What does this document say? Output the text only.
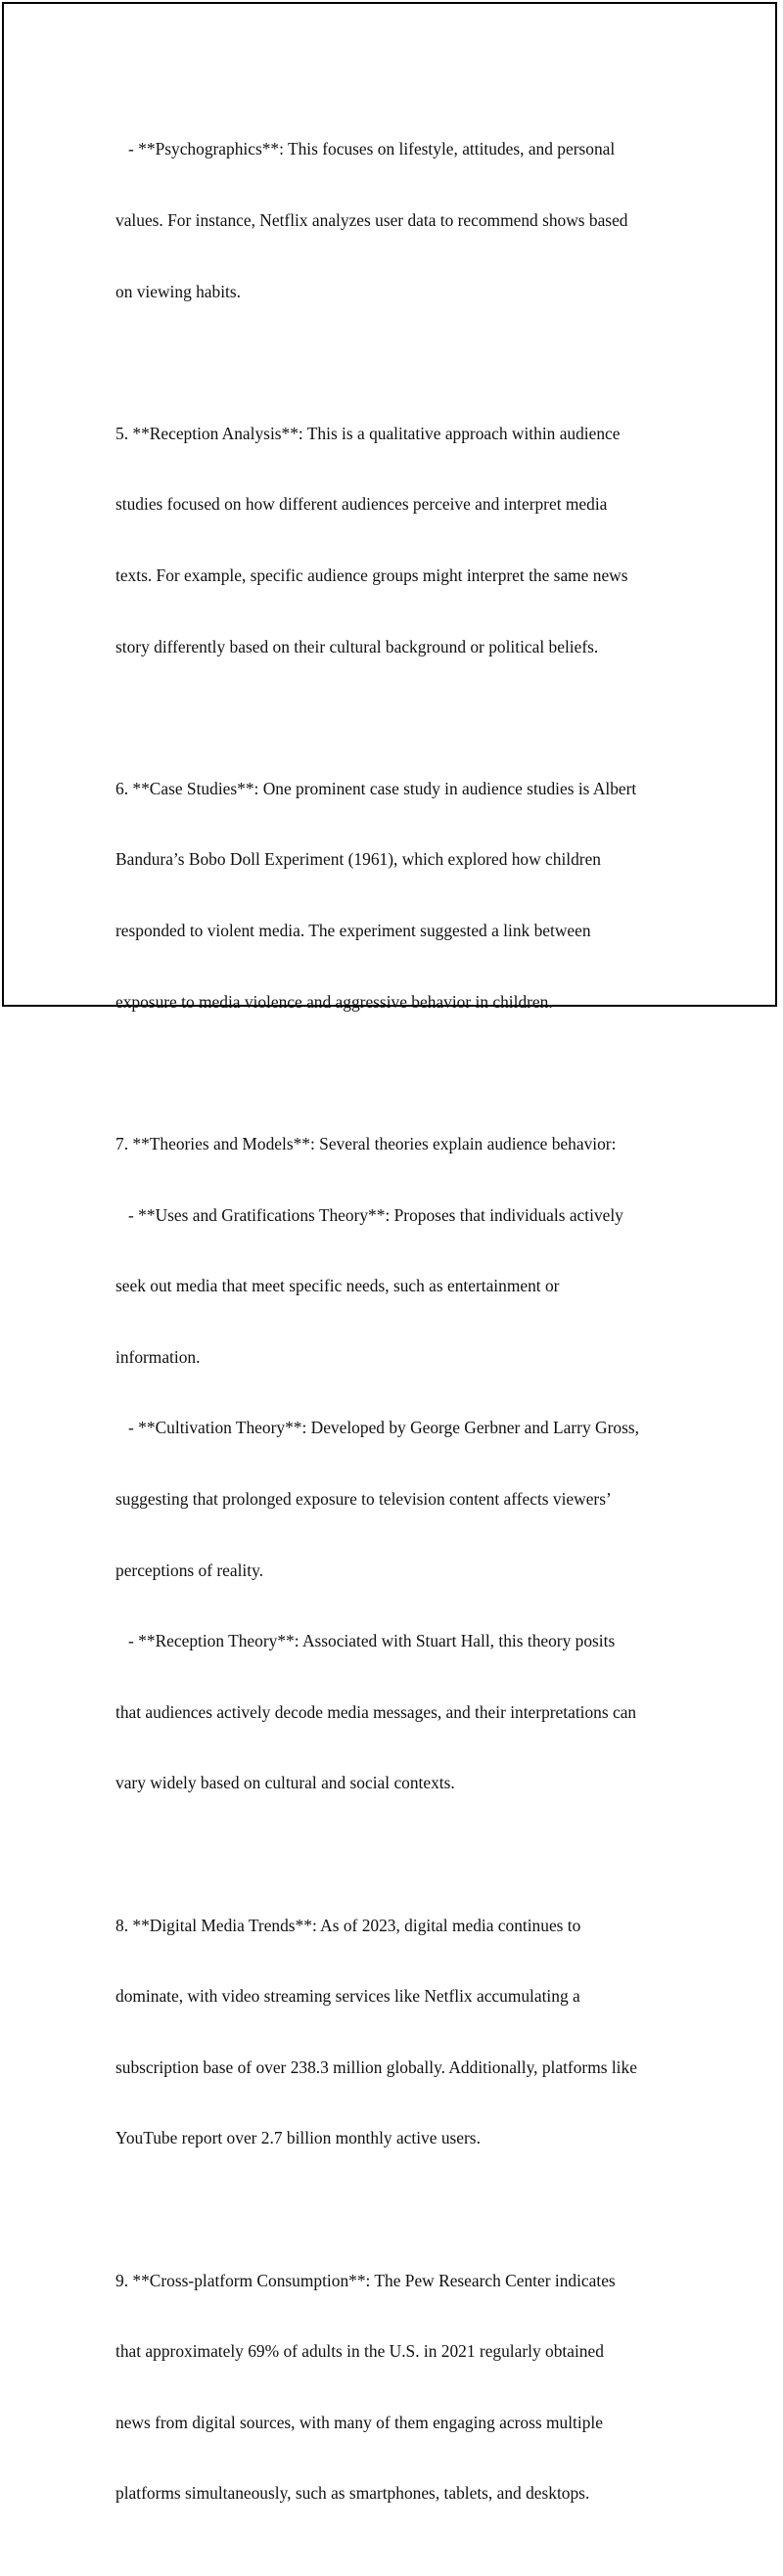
- **Psychographics**: This focuses on lifestyle, attitudes, and personal

values. For instance, Netflix analyzes user data to recommend shows based

on viewing habits.

5. **Reception Analysis**: This is a qualitative approach within audience

studies focused on how different audiences perceive and interpret media

texts. For example, specific audience groups might interpret the same news

story differently based on their cultural background or political beliefs.

6. **Case Studies**: One prominent case study in audience studies is Albert

Bandura’s Bobo Doll Experiment (1961), which explored how children

responded to violent media. The experiment suggested a link between

exposure to media violence and aggressive behavior in children.

7. **Theories and Models**: Several theories explain audience behavior:

- **Uses and Gratifications Theory**: Proposes that individuals actively

seek out media that meet specific needs, such as entertainment or

information.

- **Cultivation Theory**: Developed by George Gerbner and Larry Gross,

suggesting that prolonged exposure to television content affects viewers’

perceptions of reality.

- **Reception Theory**: Associated with Stuart Hall, this theory posits

that audiences actively decode media messages, and their interpretations can

vary widely based on cultural and social contexts.

8. **Digital Media Trends**: As of 2023, digital media continues to

dominate, with video streaming services like Netflix accumulating a

subscription base of over 238.3 million globally. Additionally, platforms like

YouTube report over 2.7 billion monthly active users.

9. **Cross-platform Consumption**: The Pew Research Center indicates

that approximately 69% of adults in the U.S. in 2021 regularly obtained

news from digital sources, with many of them engaging across multiple

platforms simultaneously, such as smartphones, tablets, and desktops.
